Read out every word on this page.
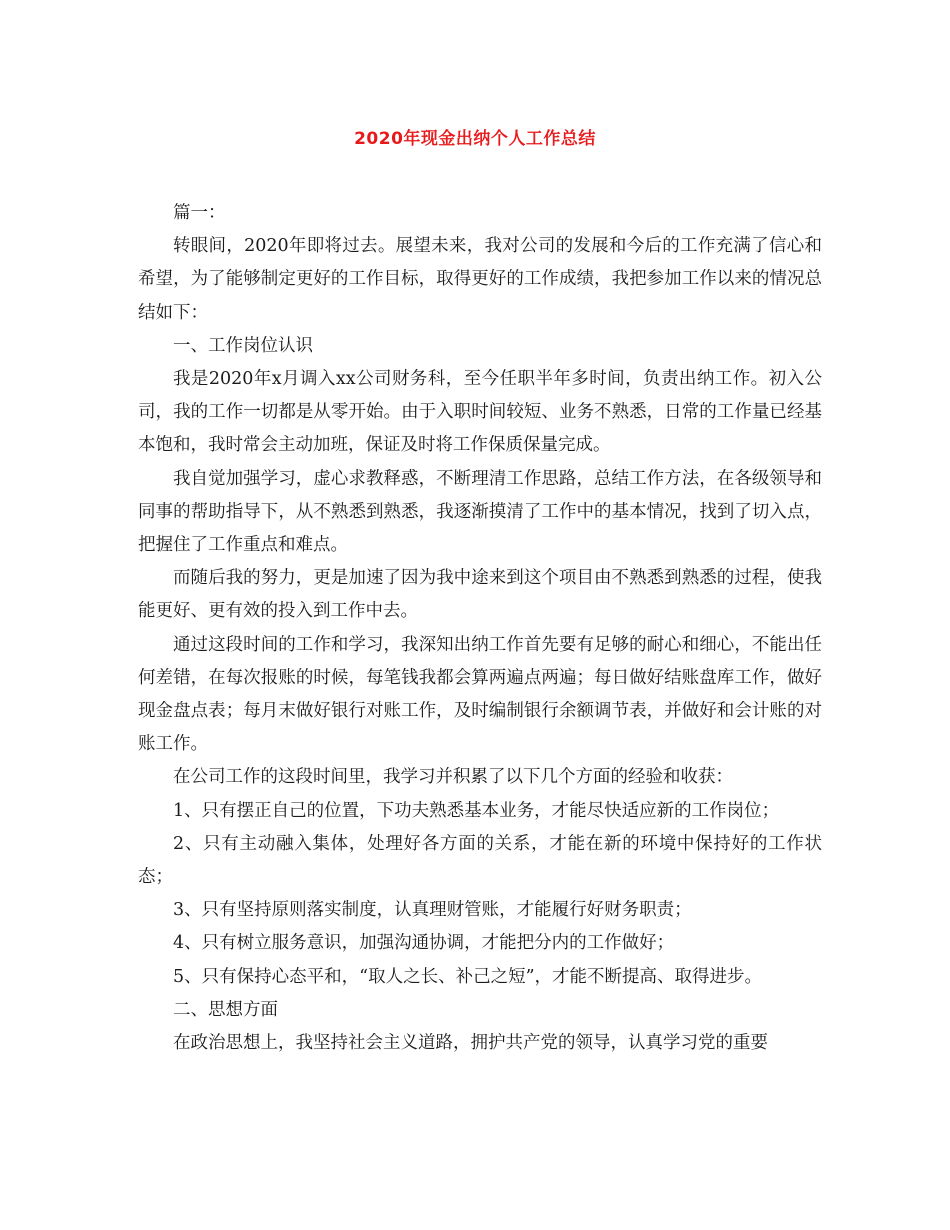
2020年现金出纳个人工作总结

篇一：

转眼间，2020年即将过去。展望未来，我对公司的发展和今后的工作充满了信心和希望，为了能够制定更好的工作目标，取得更好的工作成绩，我把参加工作以来的情况总结如下：

一、工作岗位认识

我是2020年x月调入xx公司财务科，至今任职半年多时间，负责出纳工作。初入公司，我的工作一切都是从零开始。由于入职时间较短、业务不熟悉，日常的工作量已经基本饱和，我时常会主动加班，保证及时将工作保质保量完成。

我自觉加强学习，虚心求教释惑，不断理清工作思路，总结工作方法，在各级领导和同事的帮助指导下，从不熟悉到熟悉，我逐渐摸清了工作中的基本情况，找到了切入点，把握住了工作重点和难点。

而随后我的努力，更是加速了因为我中途来到这个项目由不熟悉到熟悉的过程，使我能更好、更有效的投入到工作中去。

通过这段时间的工作和学习，我深知出纳工作首先要有足够的耐心和细心，不能出任何差错，在每次报账的时候，每笔钱我都会算两遍点两遍；每日做好结账盘库工作，做好现金盘点表；每月末做好银行对账工作，及时编制银行余额调节表，并做好和会计账的对账工作。

在公司工作的这段时间里，我学习并积累了以下几个方面的经验和收获：

1、只有摆正自己的位置，下功夫熟悉基本业务，才能尽快适应新的工作岗位；

2、只有主动融入集体，处理好各方面的关系，才能在新的环境中保持好的工作状态；

3、只有坚持原则落实制度，认真理财管账，才能履行好财务职责；

4、只有树立服务意识，加强沟通协调，才能把分内的工作做好；

5、只有保持心态平和，“取人之长、补己之短”，才能不断提高、取得进步。

二、思想方面

在政治思想上，我坚持社会主义道路，拥护共产党的领导，认真学习党的重要
